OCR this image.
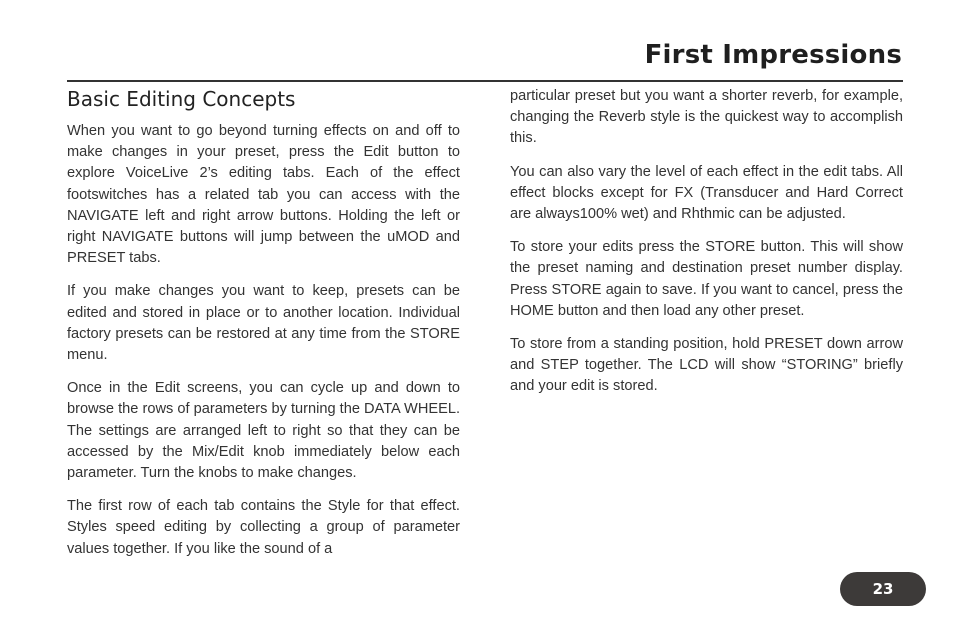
First Impressions
Basic Editing Concepts

When you want to go beyond turning effects on and off to make changes in your preset, press the Edit button to explore VoiceLive 2’s editing tabs. Each of the effect footswitches has a related tab you can access with the NAVIGATE left and right arrow buttons. Holding the left or right NAVIGATE buttons will jump between the uMOD and PRESET tabs.

If you make changes you want to keep, presets can be edited and stored in place or to another location. Individual factory presets can be restored at any time from the STORE menu.

Once in the Edit screens, you can cycle up and down to browse the rows of parameters by turning the DATA WHEEL. The settings are arranged left to right so that they can be accessed by the Mix/Edit knob immediately below each parameter. Turn the knobs to make changes.

The first row of each tab contains the Style for that effect. Styles speed editing by collecting a group of parameter values together. If you like the sound of a

particular preset but you want a shorter reverb, for example, changing the Reverb style is the quickest way to accomplish this.

You can also vary the level of each effect in the edit tabs. All effect blocks except for FX (Transducer and Hard Correct are always100% wet) and Rhthmic can be adjusted.

To store your edits press the STORE button. This will show the preset naming and destination preset number display. Press STORE again to save. If you want to cancel, press the HOME button and then load any other preset.

To store from a standing position, hold PRESET down arrow and STEP together. The LCD will show “STORING” briefly and your edit is stored.

23
